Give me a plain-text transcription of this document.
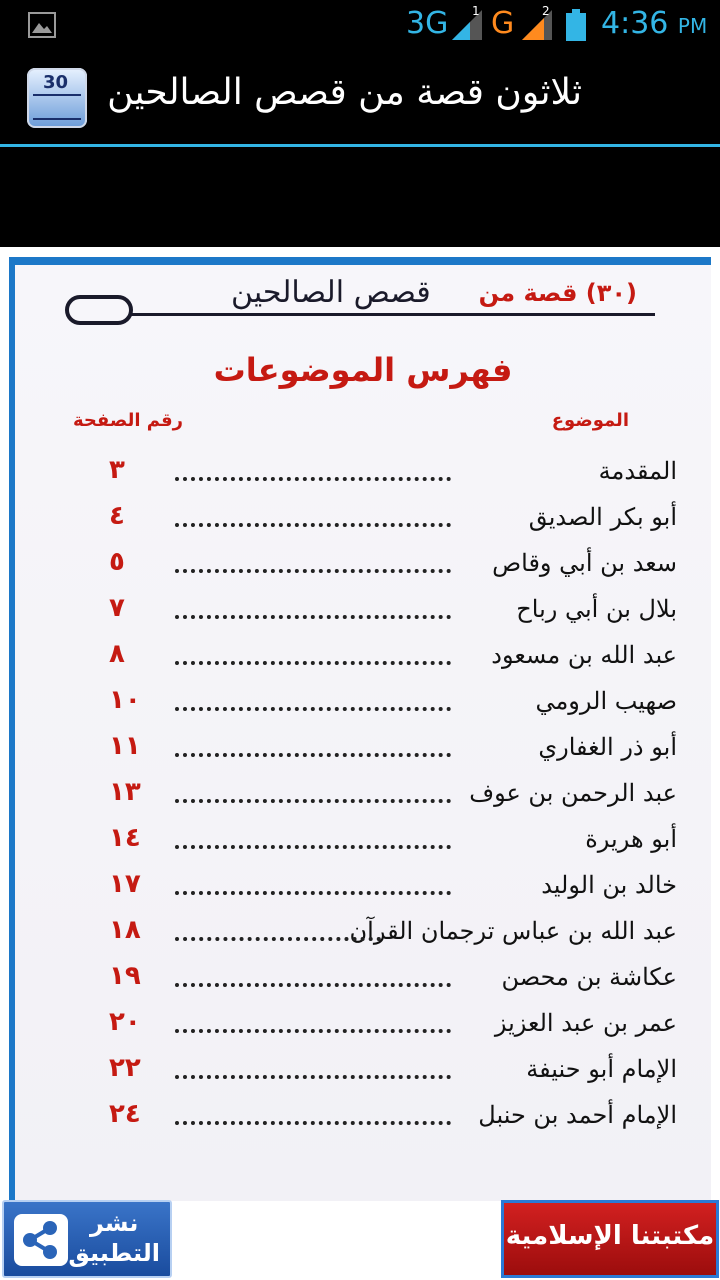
3G 1 G 2 4:36 PM
30 ثلاثون قصة من قصص الصالحين
قصص الصالحين	(٣٠) قصة من
فهرس الموضوعات
الموضوع
رقم الصفحة
المقدمة
٣
أبو بكر الصديق
٤
سعد بن أبي وقاص
٥
بلال بن أبي رباح
٧
عبد الله بن مسعود
٨
صهيب الرومي
١٠
أبو ذر الغفاري
١١
عبد الرحمن بن عوف
١٣
أبو هريرة
١٤
خالد بن الوليد
١٧
عبد الله بن عباس ترجمان القرآن
١٨
عكاشة بن محصن
١٩
عمر بن عبد العزيز
٢٠
الإمام أبو حنيفة
٢٢
الإمام أحمد بن حنبل
٢٤
نشر
التطبيق
مكتبتنا الإسلامية
